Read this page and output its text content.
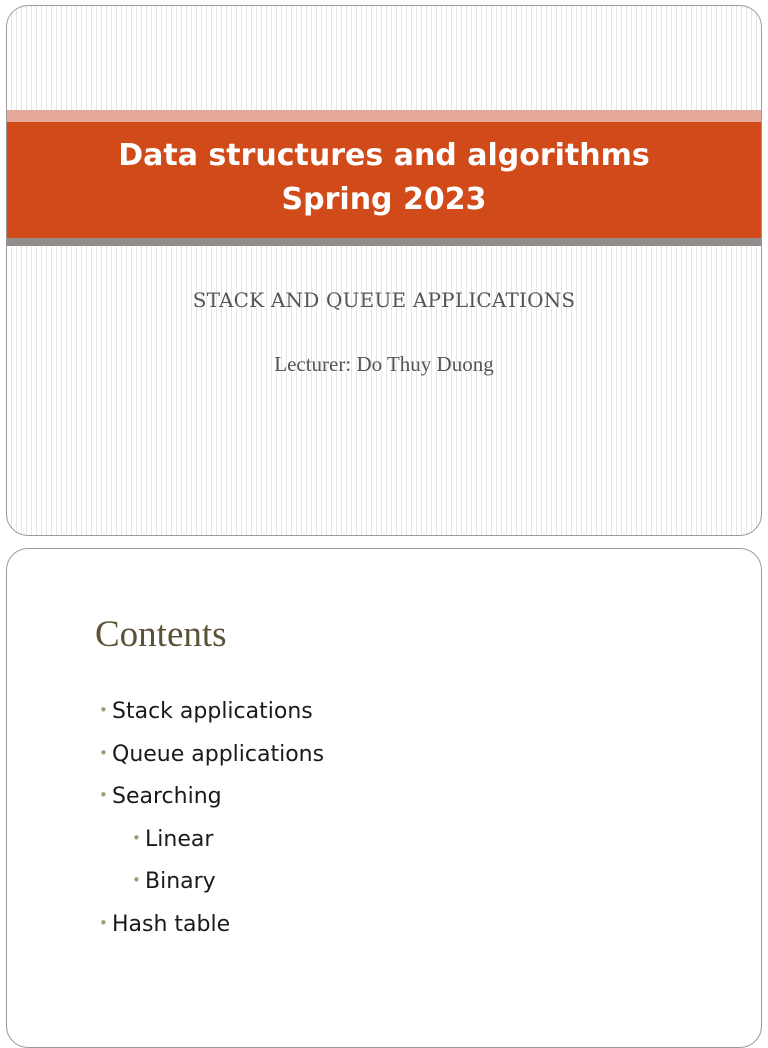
Data structures and algorithms
Spring 2023
STACK AND QUEUE APPLICATIONS
Lecturer: Do Thuy Duong
Contents
• Stack applications
• Queue applications
• Searching
• Linear
• Binary
• Hash table
